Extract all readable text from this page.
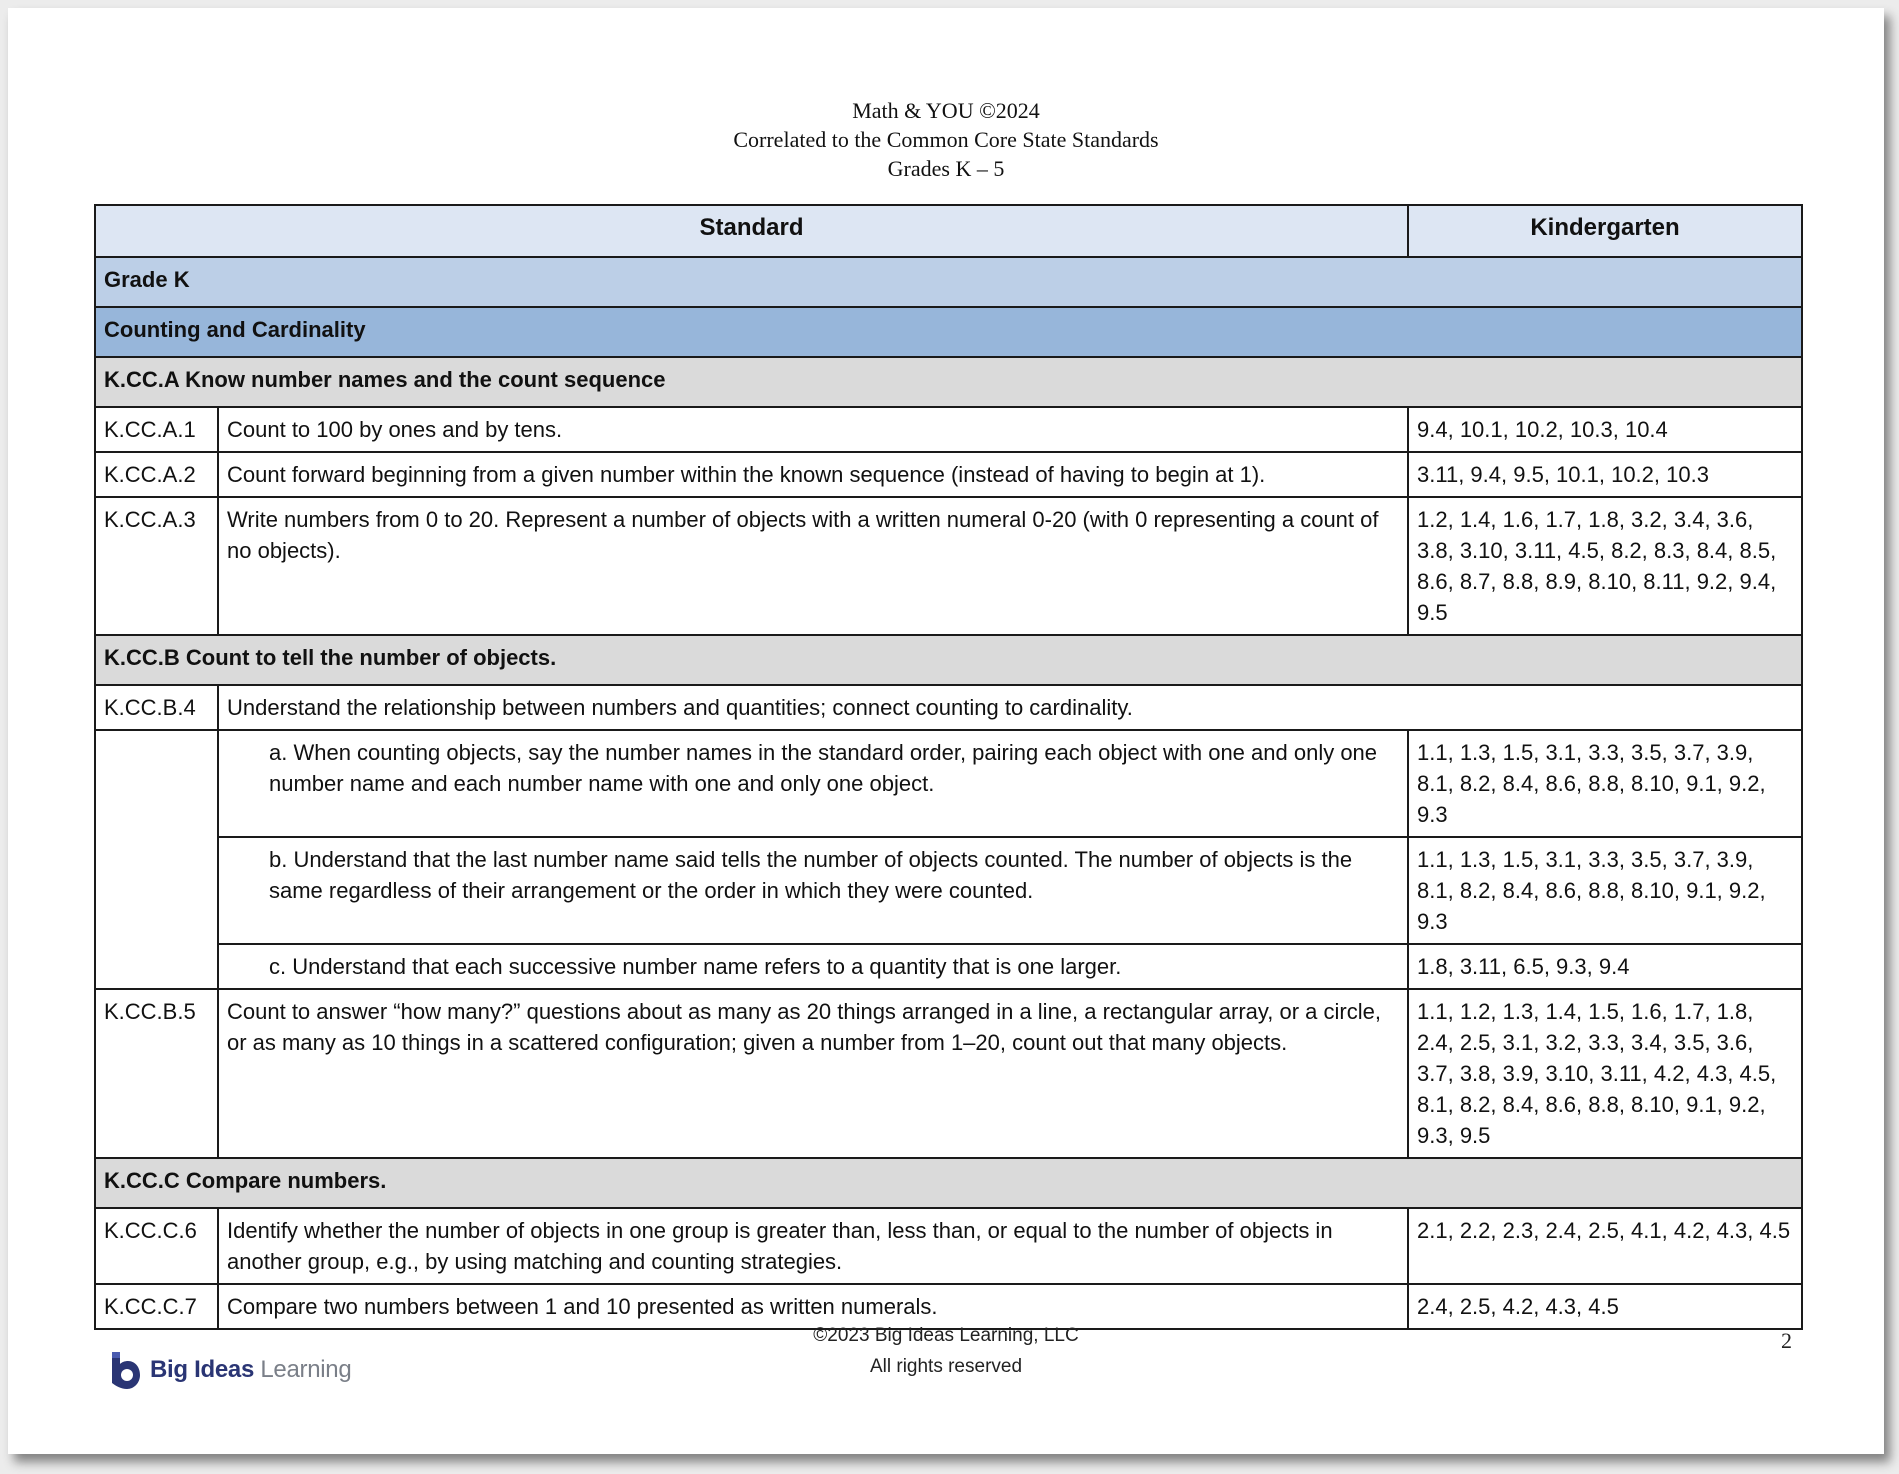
Math & YOU ©2024
Correlated to the Common Core State Standards
Grades K – 5
Standard		Kindergarten
Grade K		
Counting and Cardinality		
K.CC.A Know number names and the count sequence		
K.CC.A.1	Count to 100 by ones and by tens.	9.4, 10.1, 10.2, 10.3, 10.4
K.CC.A.2	Count forward beginning from a given number within the known sequence (instead of having to begin at 1).	3.11, 9.4, 9.5, 10.1, 10.2, 10.3
K.CC.A.3	Write numbers from 0 to 20. Represent a number of objects with a written numeral 0-20 (with 0 representing a count of no objects).	1.2, 1.4, 1.6, 1.7, 1.8, 3.2, 3.4, 3.6, 3.8, 3.10, 3.11, 4.5, 8.2, 8.3, 8.4, 8.5, 8.6, 8.7, 8.8, 8.9, 8.10, 8.11, 9.2, 9.4, 9.5
K.CC.B Count to tell the number of objects.		
K.CC.B.4	Understand the relationship between numbers and quantities; connect counting to cardinality.	
	a. When counting objects, say the number names in the standard order, pairing each object with one and only one number name and each number name with one and only one object.	1.1, 1.3, 1.5, 3.1, 3.3, 3.5, 3.7, 3.9, 8.1, 8.2, 8.4, 8.6, 8.8, 8.10, 9.1, 9.2, 9.3
	b. Understand that the last number name said tells the number of objects counted. The number of objects is the same regardless of their arrangement or the order in which they were counted.	1.1, 1.3, 1.5, 3.1, 3.3, 3.5, 3.7, 3.9, 8.1, 8.2, 8.4, 8.6, 8.8, 8.10, 9.1, 9.2, 9.3
	c. Understand that each successive number name refers to a quantity that is one larger.	1.8, 3.11, 6.5, 9.3, 9.4
K.CC.B.5	Count to answer “how many?” questions about as many as 20 things arranged in a line, a rectangular array, or a circle, or as many as 10 things in a scattered configuration; given a number from 1–20, count out that many objects.	1.1, 1.2, 1.3, 1.4, 1.5, 1.6, 1.7, 1.8, 2.4, 2.5, 3.1, 3.2, 3.3, 3.4, 3.5, 3.6, 3.7, 3.8, 3.9, 3.10, 3.11, 4.2, 4.3, 4.5, 8.1, 8.2, 8.4, 8.6, 8.8, 8.10, 9.1, 9.2, 9.3, 9.5
K.CC.C Compare numbers.		
K.CC.C.6	Identify whether the number of objects in one group is greater than, less than, or equal to the number of objects in another group, e.g., by using matching and counting strategies.	2.1, 2.2, 2.3, 2.4, 2.5, 4.1, 4.2, 4.3, 4.5
K.CC.C.7	Compare two numbers between 1 and 10 presented as written numerals.	2.4, 2.5, 4.2, 4.3, 4.5
©2023 Big Ideas Learning, LLC
All rights reserved
2
Big Ideas Learning
